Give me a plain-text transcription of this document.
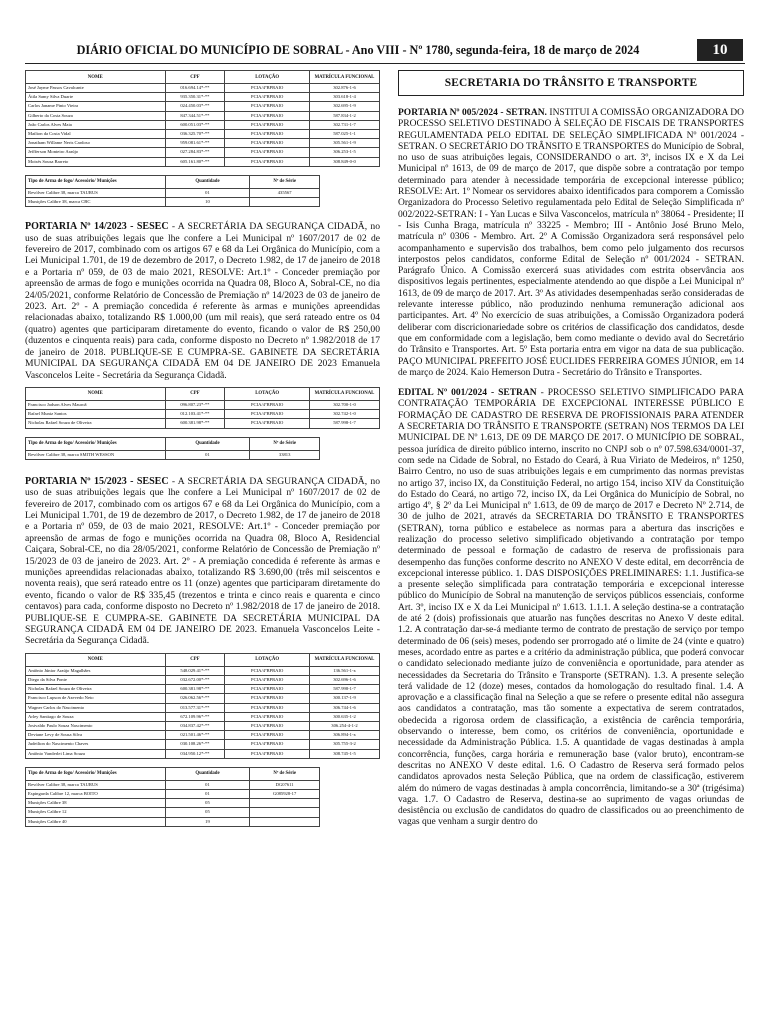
DIÁRIO OFICIAL DO MUNICÍPIO DE SOBRAL - Ano VIII - Nº 1780, segunda-feira, 18 de março de 2024	10
NOME	CPF	LOTAÇÃO	MATRÍCULA FUNCIONAL
José Jayme Passos Cavalcante	016.694.14*-**	PCIA/4ºBPRAIO	302.876-1-6
Átila Samy Silva Duarte	935.350.31*-**	PCIA/4ºBPRAIO	303.618-1-4
Carlos Janame Pinto Vieira	024.450.03*-**	PCIA/4ºBPRAIO	302.695-1-9
Gilberto da Costa Souza	847.344.51*-**	PCIA/4ºBPRAIO	587.834-1-2
João Carlos Alves Maia	600.051.03*-**	PCIA/4ºBPRAIO	302.731-1-7
Mailton da Costa Vidal	036.325.70*-**	PCIA/4ºBPRAIO	587.025-1-1
Jonatham Willame Neris Cardoso	959.081.61*-**	PCIA/4ºBPRAIO	305.561-1-9
Jeffferson Monteiro Araújo	027.284.83*-**	PCIA/4ºBPRAIO	306.253-1-5
Moisés Sousa Barreto	605.161.80*-**	PCIA/4ºBPRAIO	308.849-0-0
Tipo de Arma de fogo/ Acessório/ Munições	Quantidade	Nº de Série
Revólver Calibre 38, marca TAURUS	01	435567
Munições Calibre 38, marca CBC	10	

PORTARIA Nº 14/2023 - SESEC - A SECRETÁRIA DA SEGURANÇA CIDADÃ, no uso de suas atribuições legais que lhe confere a Lei Municipal nº 1607/2017 de 02 de fevereiro de 2017, combinado com os artigos 67 e 68 da Lei Orgânica do Município, com a Lei Municipal 1.701, de 19 de dezembro de 2017, o Decreto 1.982, de 17 de janeiro de 2018 e a Portaria nº 059, de 03 de maio 2021, RESOLVE: Art.1º - Conceder premiação por apreensão de armas de fogo e munições ocorrida na Quadra 08, Bloco A, Sobral-CE, no dia 24/05/2021, conforme Relatório de Concessão de Premiação nº 14/2023 de 03 de janeiro de 2023. Art. 2º - A premiação concedida é referente às armas e munições apreendidas relacionadas abaixo, totalizando R$ 1.000,00 (um mil reais), que será rateado entre os 04 (quatro) agentes que participaram diretamente do evento, ficando o valor de R$ 250,00 (duzentos e cinquenta reais) para cada, conforme disposto no Decreto nº 1.982/2018 de 17 de janeiro de 2018. PUBLIQUE-SE E CUMPRA-SE. GABINETE DA SECRETÁRIA MUNICIPAL DA SEGURANÇA CIDADÃ EM 04 DE JANEIRO DE 2023 Emanuela Vasconcelos Leite - Secretária da Segurança Cidadã.

NOME	CPF	LOTAÇÃO	MATRÍCULA FUNCIONAL
Francisco Jadson Alves Mauroã	096.807.23*-**	PCIA/4ºBPRAIO	302.700-1-0
Rafael Muniz Santos	012.103.41*-**	PCIA/4ºBPRAIO	302.742-1-0
Nicholas Rafael Souza de Oliveira	600.381.98*-**	PCIA/4ºBPRAIO	587.998-1-7
Tipo de Arma de fogo/ Acessório/ Munições	Quantidade	Nº de Série
Revólver Calibre 38, marca SMITH WESSON	01	33813

PORTARIA Nº 15/2023 - SESEC - A SECRETÁRIA DA SEGURANÇA CIDADÃ, no uso de suas atribuições legais que lhe confere a Lei Municipal nº 1607/2017 de 02 de fevereiro de 2017, combinado com os artigos 67 e 68 da Lei Orgânica do Município, com a Lei Municipal 1.701, de 19 de dezembro de 2017, o Decreto 1.982, de 17 de janeiro de 2018 e a Portaria nº 059, de 03 de maio 2021, RESOLVE: Art.1º - Conceder premiação por apreensão de armas de fogo e munições ocorrida na Quadra 08, Bloco A, Residencial Caiçara, Sobral-CE, no dia 28/05/2021, conforme Relatório de Concessão de Premiação nº 15/2023 de 03 de janeiro de 2023. Art. 2º - A premiação concedida é referente às armas e munições apreendidas relacionadas abaixo, totalizando R$ 3.690,00 (três mil seiscentos e noventa reais), que será rateado entre os 11 (onze) agentes que participaram diretamente do evento, ficando o valor de R$ 335,45 (trezentos e trinta e cinco reais e quarenta e cinco centavos) para cada, conforme disposto no Decreto nº 1.982/2018 de 17 de janeiro de 2018. PUBLIQUE-SE E CUMPRA-SE. GABINETE DA SECRETÁRIA MUNICIPAL DA SEGURANÇA CIDADÃ EM 04 DE JANEIRO DE 2023. Emanuela Vasconcelos Leite - Secretária da Segurança Cidadã.

NOME	CPF	LOTAÇÃO	MATRÍCULA FUNCIONAL
Antônio Júnior Araújo Magalhães	548.029.41*-**	PCIA/4ºBPRAIO	136.561-1-x
Diego da Silva Ponte	032.672.00*-**	PCIA/4ºBPRAIO	302.696-1-6
Nicholas Rafael Souza de Oliveira	600.381.98*-**	PCIA/4ºBPRAIO	587.998-1-7
Francisco Lupson de Azevedo Neto	026.062.56*-**	PCIA/4ºBPRAIO	300.137-1-9
Wagner Carlos do Nascimento	013.577.31*-**	PCIA/4ºBPRAIO	306.744-1-6
Arley Santiago de Souza	672.109.96*-**	PCIA/4ºBPRAIO	300.635-1-2
Josivaldo Paulo Souza Nascimento	034.837.42*-**	PCIA/4ºBPRAIO	306.254-4-1-2
Deviane Levy de Sousa Silva	021.501.46*-**	PCIA/4ºBPRAIO	306.894-1-x
Judeilton do Nascimento Chaves	030.108.26*-**	PCIA/4ºBPRAIO	305.755-3-2
Antônio Vanderlei Lima Souza	034.950.12*-**	PCIA/4ºBPRAIO	308.745-1-5
Tipo de Arma de fogo/ Acessório/ Munições	Quantidade	Nº de Série
Revólver Calibre 38, marca TAURUS	01	DG07611
Espingarda Calibre 12, marca BOITO	01	G085928-17
Munições Calibre 38	05	
Munições Calibre 12	05	
Munições Calibre 40	19	
SECRETARIA DO TRÂNSITO E TRANSPORTE

PORTARIA Nº 005/2024 - SETRAN. INSTITUI A COMISSÃO ORGANIZADORA DO PROCESSO SELETIVO DESTINADO À SELEÇÃO DE FISCAIS DE TRANSPORTES REGULAMENTADA PELO EDITAL DE SELEÇÃO SIMPLIFICADA Nº 001/2024 - SETRAN. O SECRETÁRIO DO TRÂNSITO E TRANSPORTES do Município de Sobral, no uso de suas atribuições legais, CONSIDERANDO o art. 3º, incisos IX e X da Lei Municipal nº 1613, de 09 de março de 2017, que dispõe sobre a contratação por tempo determinado para atender à necessidade temporária de excepcional interesse público; RESOLVE: Art. 1º Nomear os servidores abaixo identificados para comporem a Comissão Organizadora do Processo Seletivo regulamentada pelo Edital de Seleção Simplificada nº 002/2022-SETRAN: I - Yan Lucas e Silva Vasconcelos, matrícula nº 38064 - Presidente; II - Isis Cunha Braga, matrícula nº 33225 - Membro; III - Antônio José Bruno Melo, matrícula nº 0306 - Membro. Art. 2º A Comissão Organizadora será responsável pelo acompanhamento e supervisão dos trabalhos, bem como pelo julgamento dos recursos interpostos pelos candidatos, conforme Edital de Seleção nº 001/2024 - SETRAN. Parágrafo Único. A Comissão exercerá suas atividades com estrita observância aos dispositivos legais pertinentes, especialmente atendendo ao que dispõe a Lei Municipal nº 1613, de 09 de março de 2017. Art. 3º As atividades desempenhadas serão consideradas de relevante interesse público, não produzindo nenhuma remuneração adicional aos participantes. Art. 4º No exercício de suas atribuições, a Comissão Organizadora poderá deliberar com discricionariedade sobre os critérios de classificação dos candidatos, desde que em conformidade com a legislação, bem como mediante o devido aval do Secretário do Trânsito e Transportes. Art. 5º Esta portaria entra em vigor na data de sua publicação. PAÇO MUNICIPAL PREFEITO JOSÉ EUCLIDES FERREIRA GOMES JÚNIOR, em 14 de março de 2024. Kaio Hemerson Dutra - Secretário do Trânsito e Transportes.

EDITAL Nº 001/2024 - SETRAN - PROCESSO SELETIVO SIMPLIFICADO PARA CONTRATAÇÃO TEMPORÁRIA DE EXCEPCIONAL INTERESSE PÚBLICO E FORMAÇÃO DE CADASTRO DE RESERVA DE PROFISSIONAIS PARA ATENDER A SECRETARIA DO TRÂNSITO E TRANSPORTE (SETRAN) NOS TERMOS DA LEI MUNICIPAL DE Nº 1.613, DE 09 DE MARÇO DE 2017. O MUNICÍPIO DE SOBRAL, pessoa jurídica de direito público interno, inscrito no CNPJ sob o nº 07.598.634/0001-37, com sede na Cidade de Sobral, no Estado do Ceará, à Rua Viriato de Medeiros, nº 1250, Bairro Centro, no uso de suas atribuições legais e em cumprimento das normas previstas no artigo 37, inciso IX, da Constituição Federal, no artigo 154, inciso XIV da Constituição do Estado do Ceará, no artigo 72, inciso IX, da Lei Orgânica do Município de Sobral, no artigo 4º, § 2º da Lei Municipal nº 1.613, de 09 de março de 2017 e Decreto Nº 2.714, de 30 de julho de 2021, através da SECRETARIA DO TRÂNSITO E TRANSPORTES (SETRAN), torna público e estabelece as normas para a abertura das inscrições e realização do processo seletivo simplificado objetivando a contratação por tempo determinado de pessoal e formação de cadastro de reserva de profissionais para desempenho das funções conforme descrito no ANEXO V deste edital, em decorrência de excepcional interesse público. 1. DAS DISPOSIÇÕES PRELIMINARES: 1.1. Justifica-se a presente seleção simplificada para contratação temporária e excepcional interesse público do Município de Sobral na manutenção de serviços públicos essenciais, conforme Art. 3º, inciso IX e X da Lei Municipal nº 1.613. 1.1.1. A seleção destina-se a contratação de até 2 (dois) profissionais que atuarão nas funções descritas no Anexo V deste edital. 1.2. A contratação dar-se-á mediante termo de contrato de prestação de serviço por tempo determinado de 06 (seis) meses, podendo ser prorrogado até o limite de 24 (vinte e quatro) meses, acordado entre as partes e a critério da administração pública, que poderá convocar o candidato selecionado mediante juízo de conveniência e oportunidade, para atender as necessidades da Secretaria do Trânsito e Transporte (SETRAN). 1.3. A presente seleção terá validade de 12 (doze) meses, contados da homologação do resultado final. 1.4. A aprovação e a classificação final na Seleção a que se refere o presente edital não assegura aos candidatos a contratação, mas tão somente a expectativa de serem contratados, obedecida a rigorosa ordem de classificação, a existência de carência temporária, observando o interesse, bem como, os critérios de conveniência, oportunidade e necessidade da Administração Pública. 1.5. A quantidade de vagas destinadas à ampla concorrência, funções, carga horária e remuneração base (valor bruto), encontram-se descritas no ANEXO V deste edital. 1.6. O Cadastro de Reserva será formado pelos candidatos aprovados nesta Seleção Pública, que na ordem de classificação, estiverem além do número de vagas destinadas à ampla concorrência, limitando-se a 30ª (trigésima) vaga. 1.7. O Cadastro de Reserva, destina-se ao suprimento de vagas oriundas de desistência ou exclusão de candidatos do quadro de classificados ou ao preenchimento de vagas que venham a surgir dentro do
